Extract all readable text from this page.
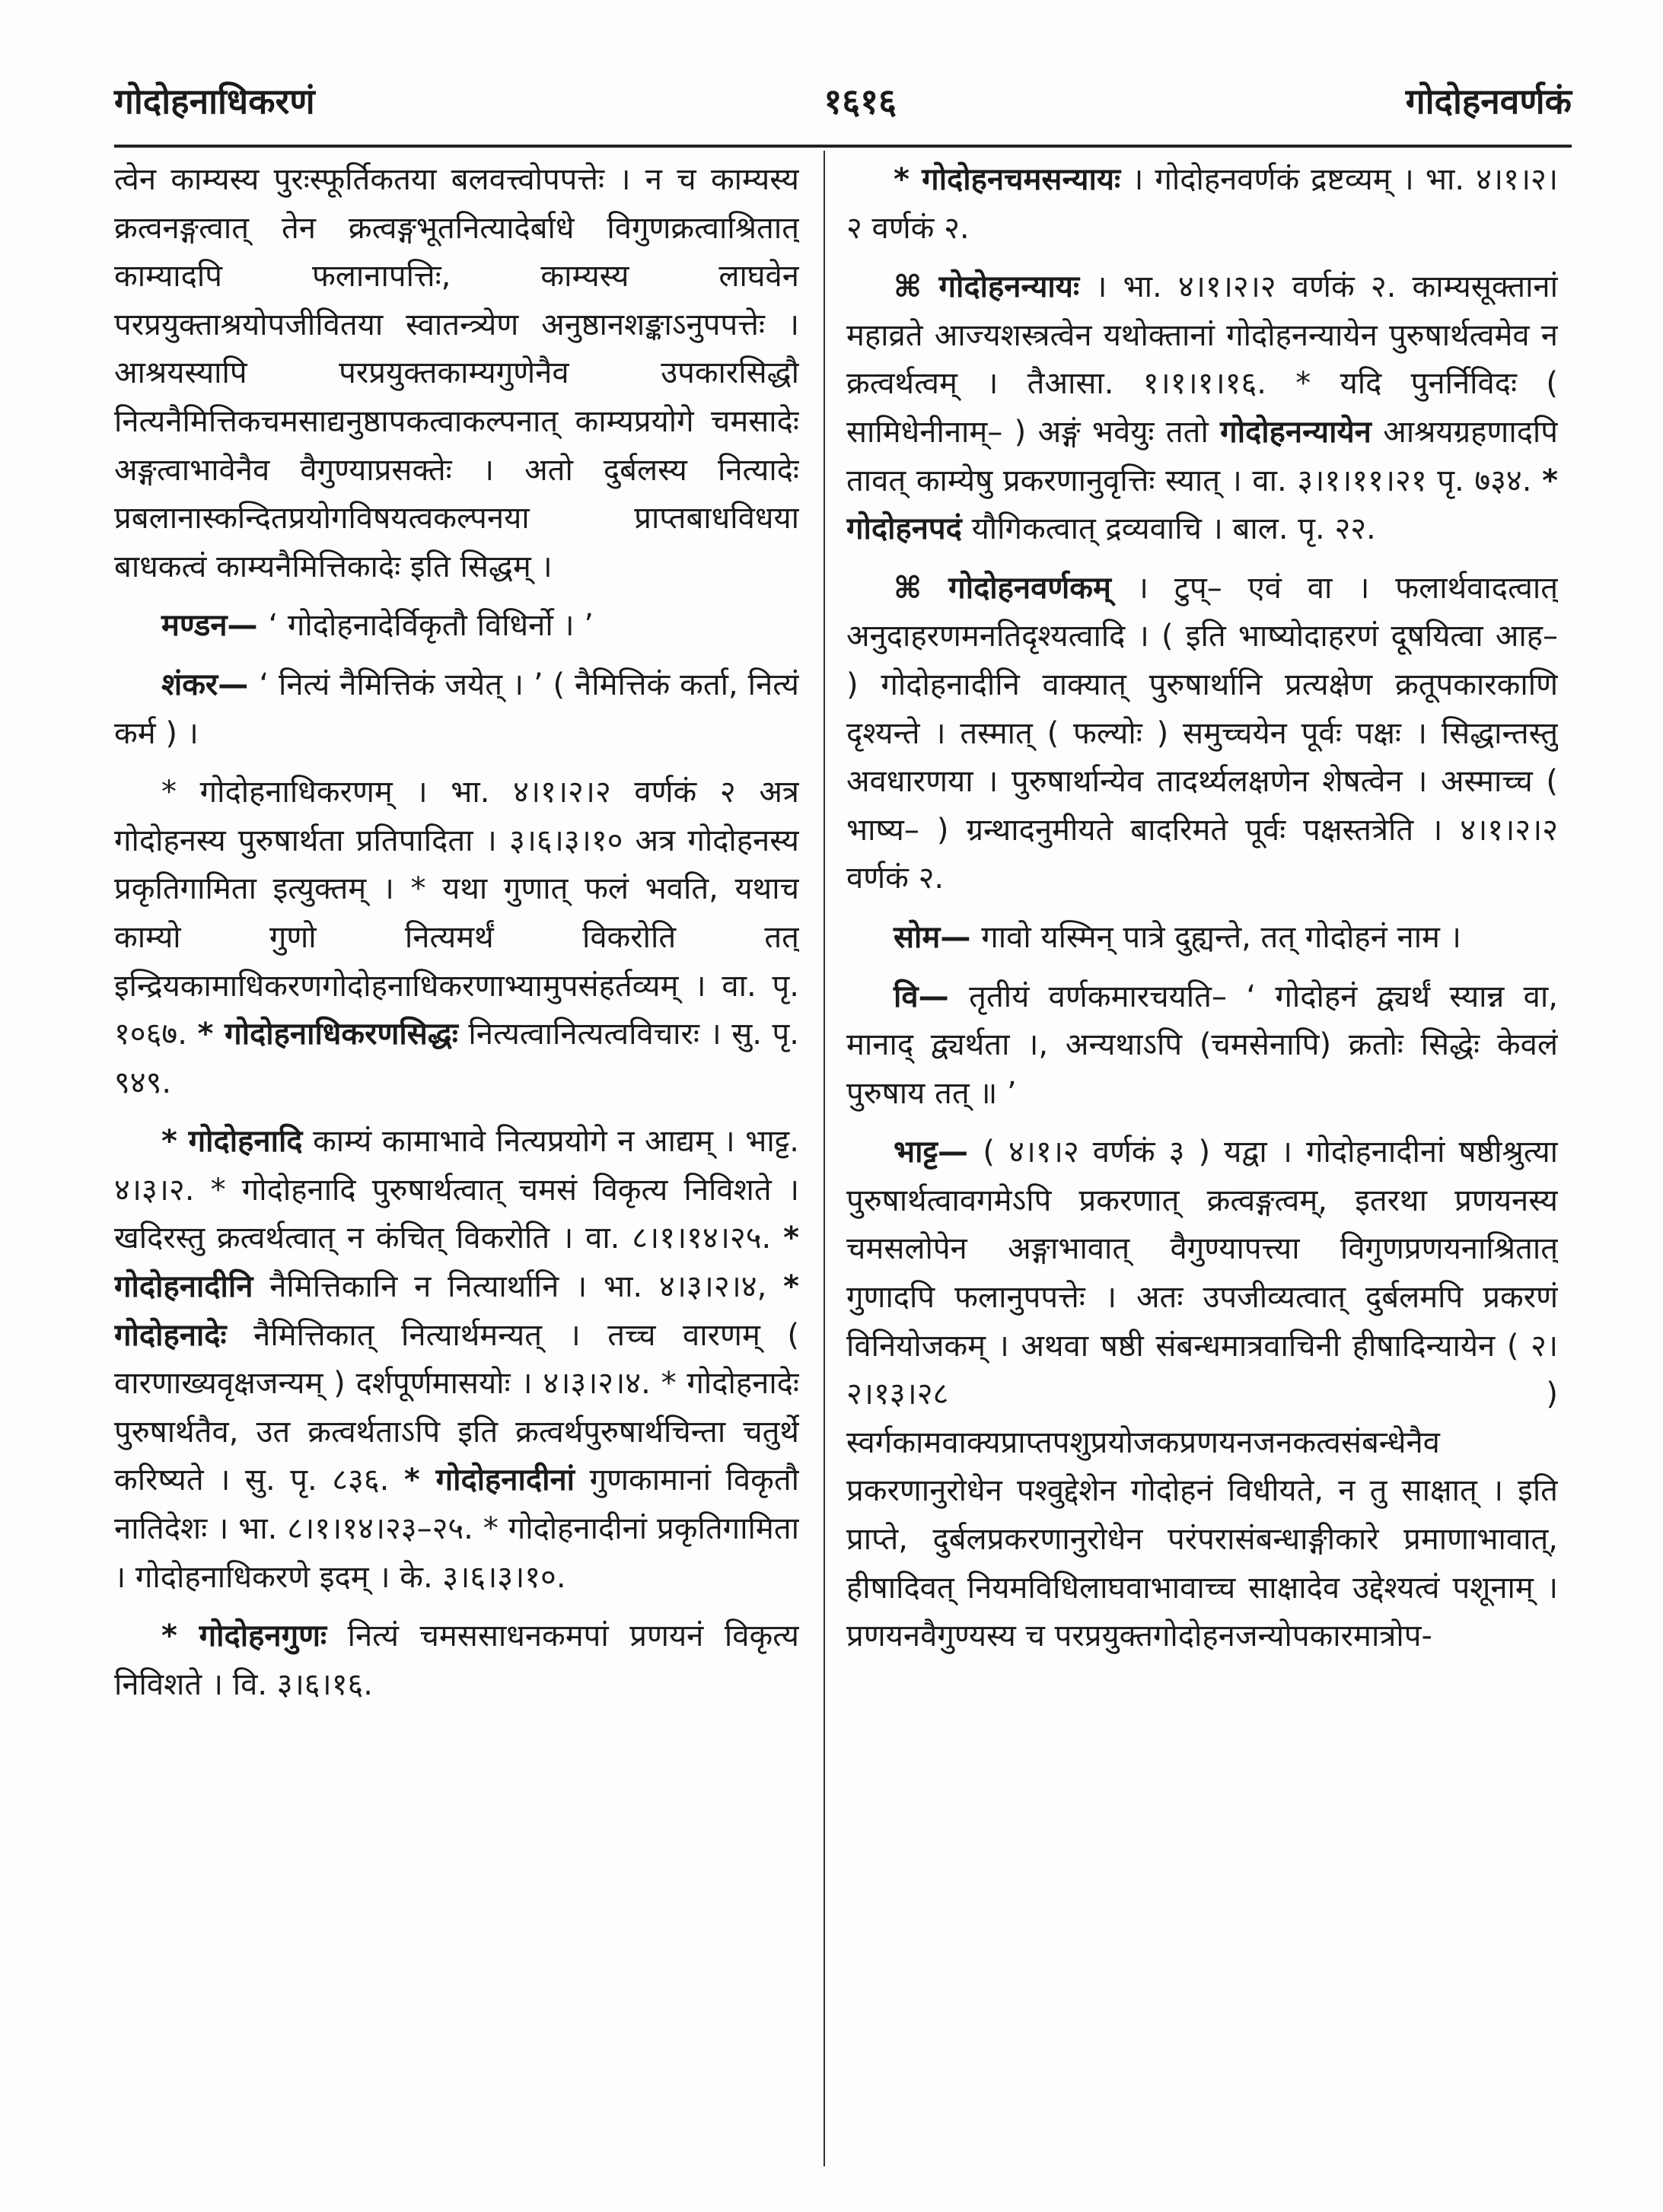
गोदोहनाधिकरणं	१६१६	गोदोहनवर्णकं

त्वेन काम्यस्य पुरःस्फूर्तिकतया बलवत्त्वोपपत्तेः । न च काम्यस्य क्रत्वनङ्गत्वात् तेन क्रत्वङ्गभूतनित्यादेर्बाधे विगुणक्रत्वाश्रितात् काम्यादपि फलानापत्तिः, काम्यस्य लाघवेन परप्रयुक्ताश्रयोपजीवितया स्वातन्त्र्येण अनुष्ठानशङ्काऽनुपपत्तेः । आश्रयस्यापि परप्रयुक्तकाम्यगुणेनैव उपकारसिद्धौ नित्यनैमित्तिकचमसाद्यनुष्ठापकत्वाकल्पनात् काम्यप्रयोगे चमसादेः अङ्गत्वाभावेनैव वैगुण्याप्रसक्तेः । अतो दुर्बलस्य नित्यादेः प्रबलानास्कन्दितप्रयोगविषयत्वकल्पनया प्राप्तबाधविधया बाधकत्वं काम्यनैमित्तिकादेः इति सिद्धम् ।

मण्डन— ‘ गोदोहनादेर्विकृतौ विधिर्नो । ’

शंकर— ‘ नित्यं नैमित्तिकं जयेत् । ’ ( नैमित्तिकं कर्ता, नित्यं कर्म ) ।

* गोदोहनाधिकरणम् । भा. ४।१।२।२ वर्णकं २ अत्र गोदोहनस्य पुरुषार्थता प्रतिपादिता । ३।६।३।१० अत्र गोदोहनस्य प्रकृतिगामिता इत्युक्तम् । * यथा गुणात् फलं भवति, यथाच काम्यो गुणो नित्यमर्थं विकरोति तत् इन्द्रियकामाधिकरणगोदोहनाधिकरणाभ्यामुपसंहर्तव्यम् । वा. पृ. १०६७. * गोदोहनाधिकरणसिद्धः नित्यत्वानित्यत्वविचारः । सु. पृ. ९४९.

* गोदोहनादि काम्यं कामाभावे नित्यप्रयोगे न आद्यम् । भाट्ट. ४।३।२. * गोदोहनादि पुरुषार्थत्वात् चमसं विकृत्य निविशते । खदिरस्तु क्रत्वर्थत्वात् न कंचित् विकरोति । वा. ८।१।१४।२५. * गोदोहनादीनि नैमित्तिकानि न नित्यार्थानि । भा. ४।३।२।४, * गोदोहनादेः नैमित्तिकात् नित्यार्थमन्यत् । तच्च वारणम् ( वारणाख्यवृक्षजन्यम् ) दर्शपूर्णमासयोः । ४।३।२।४. * गोदोहनादेः पुरुषार्थतैव, उत क्रत्वर्थताऽपि इति क्रत्वर्थपुरुषार्थचिन्ता चतुर्थे करिष्यते । सु. पृ. ८३६. * गोदोहनादीनां गुणकामानां विकृतौ नातिदेशः । भा. ८।१।१४।२३–२५. * गोदोहनादीनां प्रकृतिगामिता । गोदोहनाधिकरणे इदम् । के. ३।६।३।१०.

* गोदोहनगुणः नित्यं चमससाधनकमपां प्रणयनं विकृत्य निविशते । वि. ३।६।१६.

* गोदोहनचमसन्यायः । गोदोहनवर्णकं द्रष्टव्यम् । भा. ४।१।२।२ वर्णकं २.

⌘ गोदोहनन्यायः । भा. ४।१।२।२ वर्णकं २. काम्यसूक्तानां महाव्रते आज्यशस्त्रत्वेन यथोक्तानां गोदोहनन्यायेन पुरुषार्थत्वमेव न क्रत्वर्थत्वम् । तैआसा. १।१।१।१६. * यदि पुनर्निविदः ( सामिधेनीनाम्– ) अङ्गं भवेयुः ततो गोदोहनन्यायेन आश्रयग्रहणादपि तावत् काम्येषु प्रकरणानुवृत्तिः स्यात् । वा. ३।१।११।२१ पृ. ७३४. * गोदोहनपदं यौगिकत्वात् द्रव्यवाचि । बाल. पृ. २२.

⌘ गोदोहनवर्णकम् । टुप्– एवं वा । फलार्थवादत्वात् अनुदाहरणमनतिदृश्यत्वादि । ( इति भाष्योदाहरणं दूषयित्वा आह– ) गोदोहनादीनि वाक्यात् पुरुषार्थानि प्रत्यक्षेण क्रतूपकारकाणि दृश्यन्ते । तस्मात् ( फल्योः ) समुच्चयेन पूर्वः पक्षः । सिद्धान्तस्तु अवधारणया । पुरुषार्थान्येव तादर्थ्यलक्षणेन शेषत्वेन । अस्माच्च ( भाष्य– ) ग्रन्थादनुमीयते बादरिमते पूर्वः पक्षस्तत्रेति । ४।१।२।२ वर्णकं २.

सोम— गावो यस्मिन् पात्रे दुह्यन्ते, तत् गोदोहनं नाम ।

वि— तृतीयं वर्णकमारचयति– ‘ गोदोहनं द्व्यर्थं स्यान्न वा, मानाद् द्व्यर्थता ।, अन्यथाऽपि (चमसेनापि) क्रतोः सिद्धेः केवलं पुरुषाय तत् ॥ ’

भाट्ट— ( ४।१।२ वर्णकं ३ ) यद्वा । गोदोहनादीनां षष्ठीश्रुत्या पुरुषार्थत्वावगमेऽपि प्रकरणात् क्रत्वङ्गत्वम्, इतरथा प्रणयनस्य चमसलोपेन अङ्गाभावात् वैगुण्यापत्त्या विगुणप्रणयनाश्रितात् गुणादपि फलानुपपत्तेः । अतः उपजीव्यत्वात् दुर्बलमपि प्रकरणं विनियोजकम् । अथवा षष्ठी संबन्धमात्रवाचिनी हीषादिन्यायेन ( २।२।१३।२८ ) स्वर्गकामवाक्यप्राप्तपशुप्रयोजकप्रणयनजनकत्वसंबन्धेनैव प्रकरणानुरोधेन पश्वुद्देशेन गोदोहनं विधीयते, न तु साक्षात् । इति प्राप्ते, दुर्बलप्रकरणानुरोधेन परंपरासंबन्धाङ्गीकारे प्रमाणाभावात्, हीषादिवत् नियमविधिलाघवाभावाच्च साक्षादेव उद्देश्यत्वं पशूनाम् । प्रणयनवैगुण्यस्य च परप्रयुक्तगोदोहनजन्योपकारमात्रोप-
